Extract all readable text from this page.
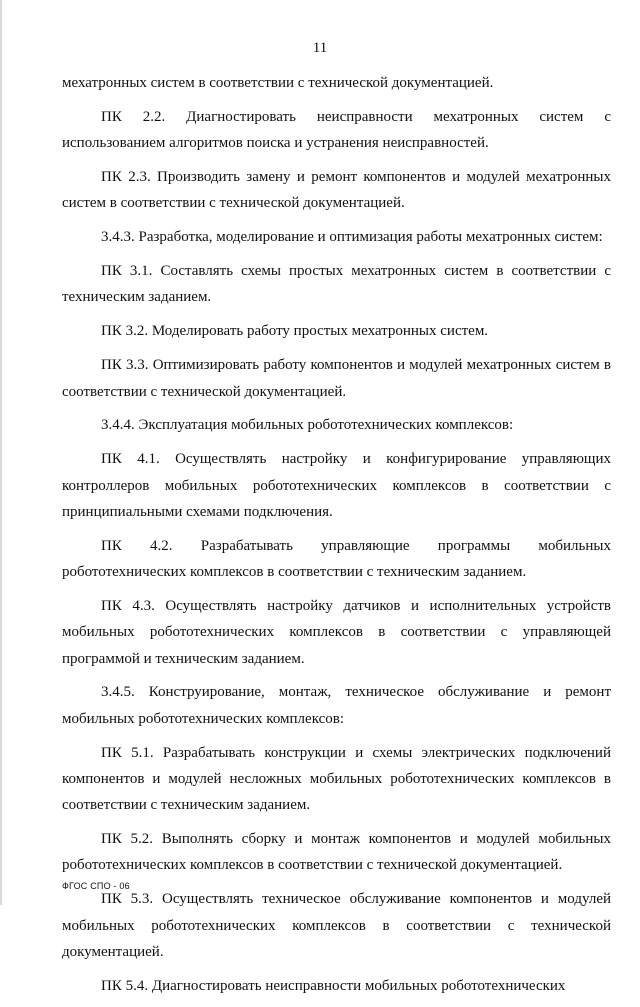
11

мехатронных систем в соответствии с технической документацией.

ПК 2.2. Диагностировать неисправности мехатронных систем с использованием алгоритмов поиска и устранения неисправностей.

ПК 2.3. Производить замену и ремонт компонентов и модулей мехатронных систем в соответствии с технической документацией.

3.4.3. Разработка, моделирование и оптимизация работы мехатронных систем:

ПК 3.1. Составлять схемы простых мехатронных систем в соответствии с техническим заданием.

ПК 3.2. Моделировать работу простых мехатронных систем.

ПК 3.3. Оптимизировать работу компонентов и модулей мехатронных систем в соответствии с технической документацией.

3.4.4. Эксплуатация мобильных робототехнических комплексов:

ПК 4.1. Осуществлять настройку и конфигурирование управляющих контроллеров мобильных робототехнических комплексов в соответствии с принципиальными схемами подключения.

ПК 4.2. Разрабатывать управляющие программы мобильных робототехнических комплексов в соответствии с техническим заданием.

ПК 4.3. Осуществлять настройку датчиков и исполнительных устройств мобильных робототехнических комплексов в соответствии с управляющей программой и техническим заданием.

3.4.5. Конструирование, монтаж, техническое обслуживание и ремонт мобильных робототехнических комплексов:

ПК 5.1. Разрабатывать конструкции и схемы электрических подключений компонентов и модулей несложных мобильных робототехнических комплексов в соответствии с техническим заданием.

ПК 5.2. Выполнять сборку и монтаж компонентов и модулей мобильных робототехнических комплексов в соответствии с технической документацией.

ПК 5.3. Осуществлять техническое обслуживание компонентов и модулей мобильных робототехнических комплексов в соответствии с технической документацией.

ПК 5.4. Диагностировать неисправности мобильных робототехнических

ФГОС СПО - 06
